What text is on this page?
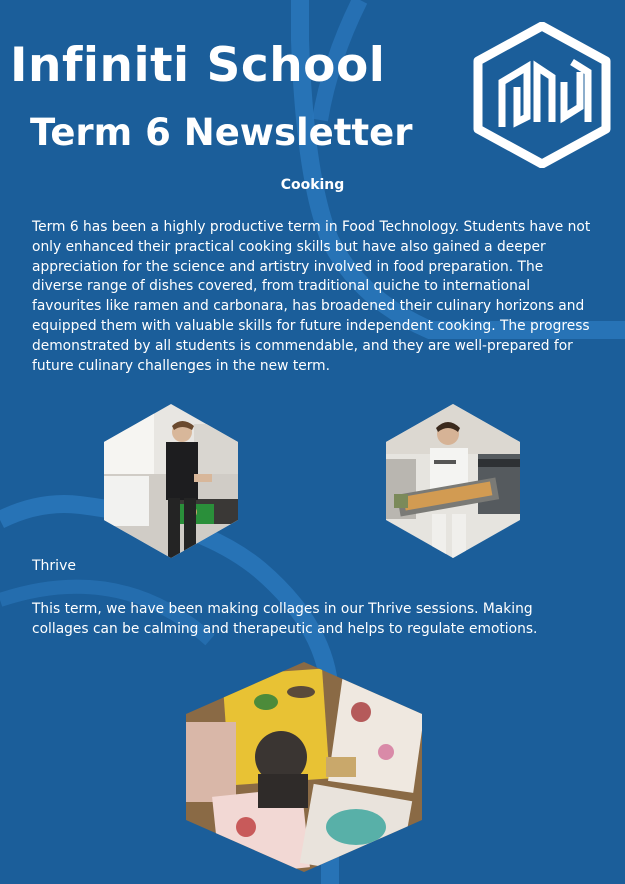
Infiniti School
Term 6 Newsletter
Cooking
Term 6 has been a highly productive term in Food Technology. Students have not only enhanced their practical cooking skills but have also gained a deeper appreciation for the science and artistry involved in food preparation. The diverse range of dishes covered, from traditional quiche to international favourites like ramen and carbonara, has broadened their culinary horizons and equipped them with valuable skills for future independent cooking. The progress demonstrated by all students is commendable, and they are well-prepared for future culinary challenges in the new term.
Thrive
This term, we have been making collages in our Thrive sessions. Making collages can be calming and therapeutic and helps to regulate emotions.
